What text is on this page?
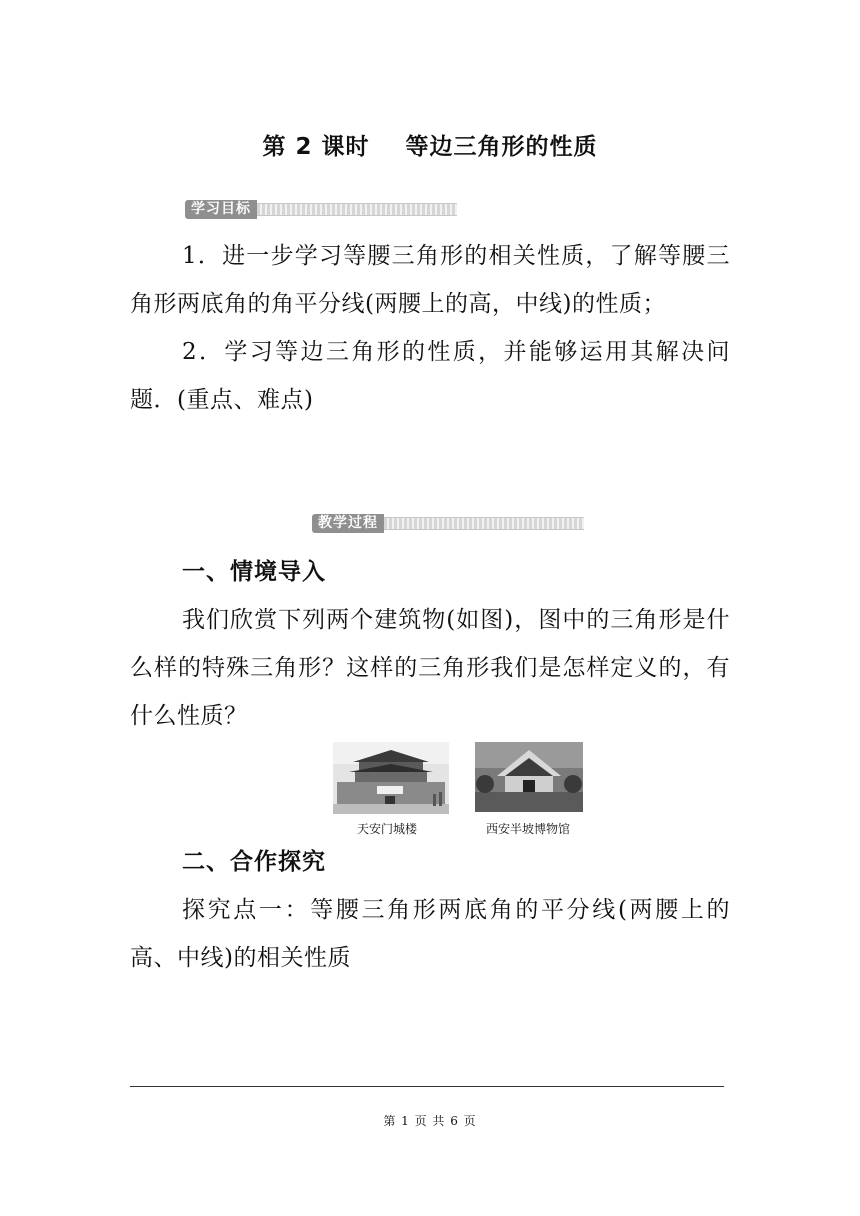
第 2 课时    等边三角形的性质
学习目标
1．进一步学习等腰三角形的相关性质，了解等腰三角形两底角的角平分线(两腰上的高，中线)的性质；
2．学习等边三角形的性质，并能够运用其解决问题．(重点、难点)
教学过程
一、情境导入
我们欣赏下列两个建筑物(如图)，图中的三角形是什么样的特殊三角形？这样的三角形我们是怎样定义的，有什么性质？
天安门城楼	西安半坡博物馆
二、合作探究
探究点一：等腰三角形两底角的平分线(两腰上的高、中线)的相关性质
第 1 页 共 6 页
